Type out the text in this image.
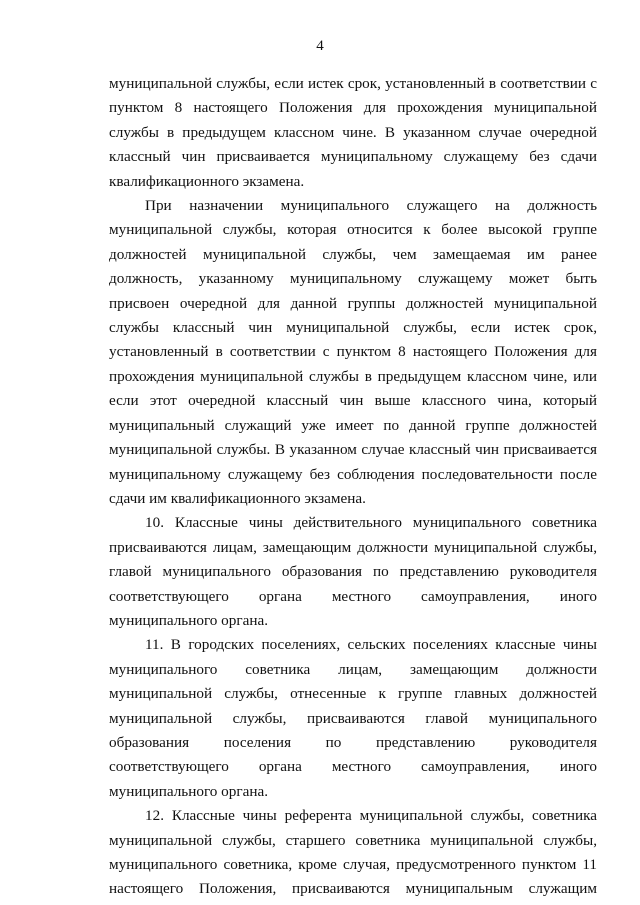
4

муниципальной службы, если истек срок, установленный в соответствии с пунктом 8 настоящего Положения для прохождения муниципальной службы в предыдущем классном чине. В указанном случае очередной классный чин присваивается муниципальному служащему без сдачи квалификационного экзамена.

При назначении муниципального служащего на должность муниципальной службы, которая относится к более высокой группе должностей муниципальной службы, чем замещаемая им ранее должность, указанному муниципальному служащему может быть присвоен очередной для данной группы должностей муниципальной службы классный чин муниципальной службы, если истек срок, установленный в соответствии с пунктом 8 настоящего Положения для прохождения муниципальной службы в предыдущем классном чине, или если этот очередной классный чин выше классного чина, который муниципальный служащий уже имеет по данной группе должностей муниципальной службы. В указанном случае классный чин присваивается муниципальному служащему без соблюдения последовательности после сдачи им квалификационного экзамена.

10. Классные чины действительного муниципального советника присваиваются лицам, замещающим должности муниципальной службы, главой муниципального образования по представлению руководителя соответствующего органа местного самоуправления, иного муниципального органа.

11. В городских поселениях, сельских поселениях классные чины муниципального советника лицам, замещающим должности муниципальной службы, отнесенные к группе главных должностей муниципальной службы, присваиваются главой муниципального образования поселения по представлению руководителя соответствующего органа местного самоуправления, иного муниципального органа.

12. Классные чины референта муниципальной службы, советника муниципальной службы, старшего советника муниципальной службы, муниципального советника, кроме случая, предусмотренного пунктом 11 настоящего Положения, присваиваются муниципальным служащим
